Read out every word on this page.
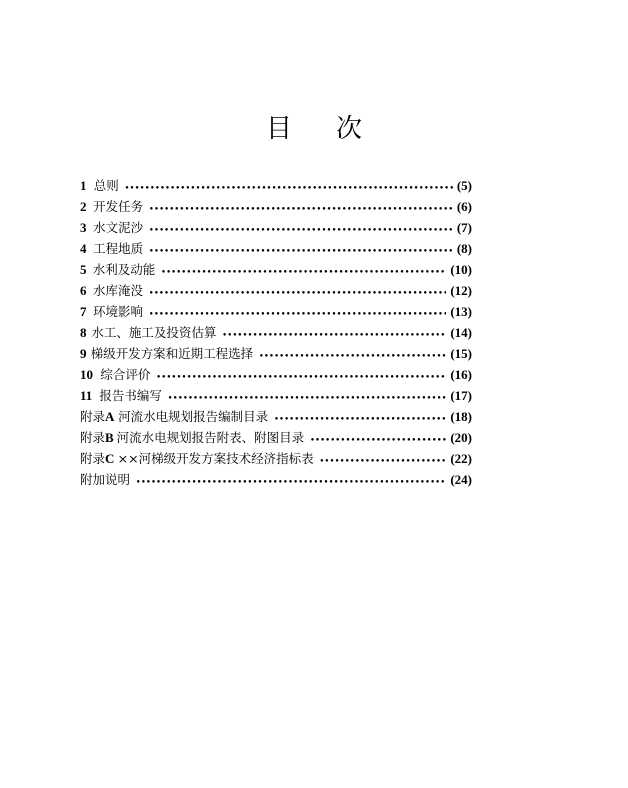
目 次
1 总则 •••••	(5)
2 开发任务 •••••	(6)
3 水文泥沙 •••••	(7)
4 工程地质 •••••	(8)
5 水利及动能 •••••	(10)
6 水库淹没 •••••	(12)
7 环境影响 •••••	(13)
8 水工、施工及投资估算 •••••	(14)
9 梯级开发方案和近期工程选择 •••••	(15)
10 综合评价 •••••	(16)
11 报告书编写 •••••	(17)
附录 A 河流水电规划报告编制目录 •••••	(18)
附录 B 河流水电规划报告附表、附图目录 •••••	(20)
附录 C ××河梯级开发方案技术经济指标表 •••••	(22)
附加说明 •••••	(24)
